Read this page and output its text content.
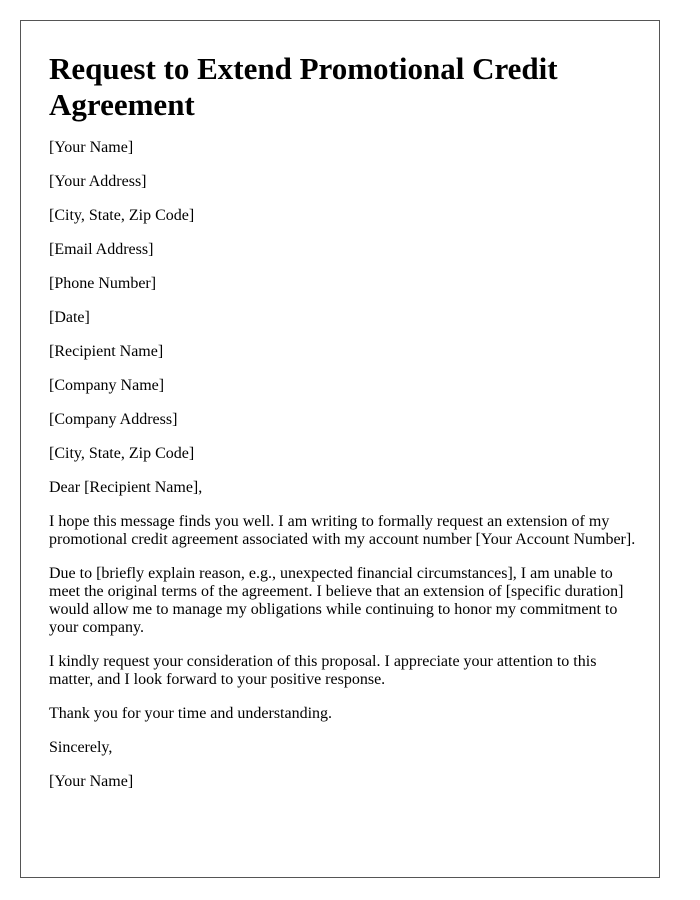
Request to Extend Promotional Credit Agreement

[Your Name]

[Your Address]

[City, State, Zip Code]

[Email Address]

[Phone Number]

[Date]

[Recipient Name]

[Company Name]

[Company Address]

[City, State, Zip Code]

Dear [Recipient Name],

I hope this message finds you well. I am writing to formally request an extension of my promotional credit agreement associated with my account number [Your Account Number].

Due to [briefly explain reason, e.g., unexpected financial circumstances], I am unable to meet the original terms of the agreement. I believe that an extension of [specific duration] would allow me to manage my obligations while continuing to honor my commitment to your company.

I kindly request your consideration of this proposal. I appreciate your attention to this matter, and I look forward to your positive response.

Thank you for your time and understanding.

Sincerely,

[Your Name]
